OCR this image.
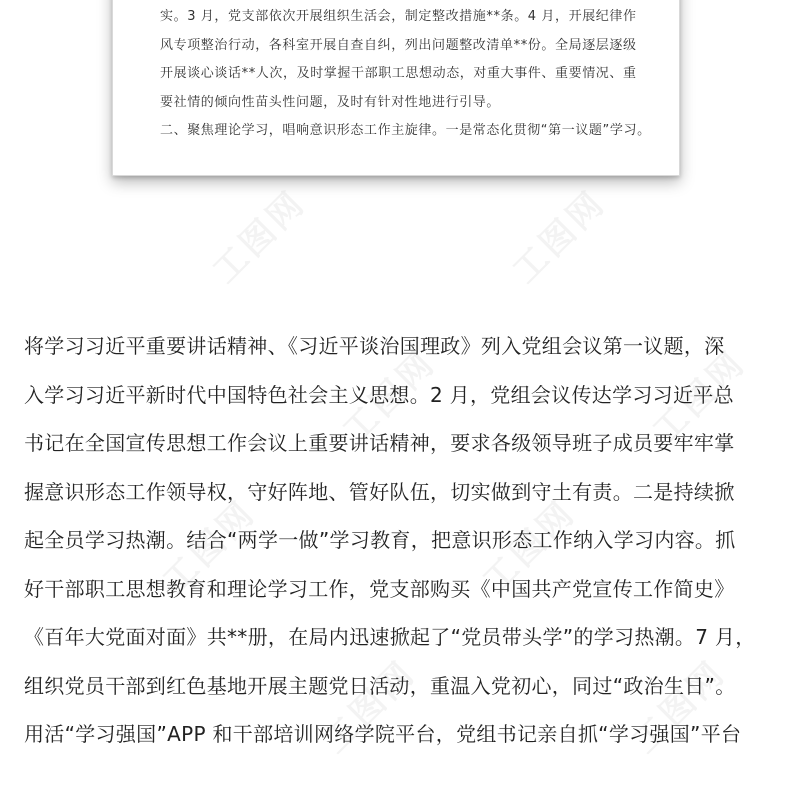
工图网	工图网
工图网	工图网
工图网	工图网
工图网	工图网

实。3 月，党支部依次开展组织生活会，制定整改措施**条。4 月，开展纪律作
风专项整治行动，各科室开展自查自纠，列出问题整改清单**份。全局逐层逐级
开展谈心谈话**人次，及时掌握干部职工思想动态，对重大事件、重要情况、重
要社情的倾向性苗头性问题，及时有针对性地进行引导。
二、聚焦理论学习，唱响意识形态工作主旋律。一是常态化贯彻“第一议题”学习。

将学习习近平重要讲话精神、《习近平谈治国理政》列入党组会议第一议题，深
入学习习近平新时代中国特色社会主义思想。2 月，党组会议传达学习习近平总
书记在全国宣传思想工作会议上重要讲话精神，要求各级领导班子成员要牢牢掌
握意识形态工作领导权，守好阵地、管好队伍，切实做到守土有责。二是持续掀
起全员学习热潮。结合“两学一做”学习教育，把意识形态工作纳入学习内容。抓
好干部职工思想教育和理论学习工作，党支部购买《中国共产党宣传工作简史》
《百年大党面对面》共**册，在局内迅速掀起了“党员带头学”的学习热潮。7 月，
组织党员干部到红色基地开展主题党日活动，重温入党初心，同过“政治生日”。
用活“学习强国”APP 和干部培训网络学院平台，党组书记亲自抓“学习强国”平台
